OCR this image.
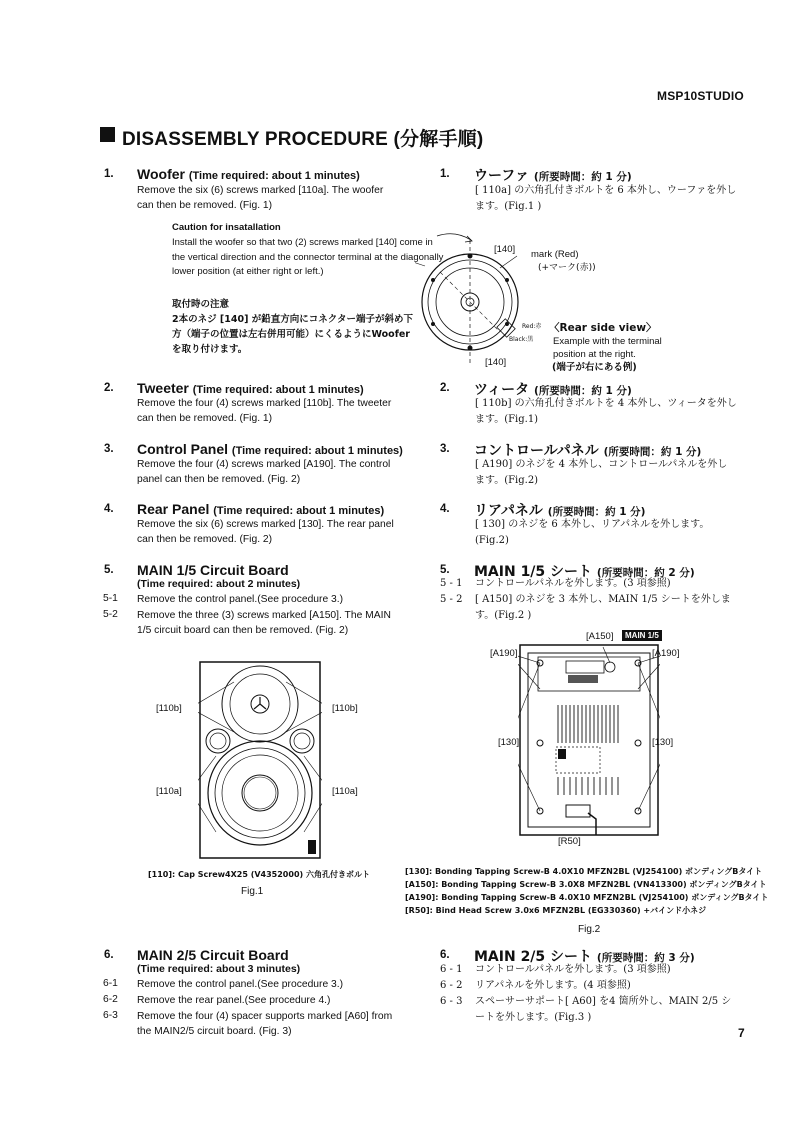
MSP10STUDIO
DISASSEMBLY PROCEDURE (分解手順)
1. Woofer (Time required: about 1 minutes)
Remove the six (6) screws marked [110a]. The woofer can then be removed. (Fig. 1)
Caution for insatallation
Install the woofer so that two (2) screws marked [140] come in the vertical direction and the connector terminal at the diagonally lower position (at either right or left.)
取付時の注意
2本のネジ [140] が鉛直方向にコネクター端子が斜め下方（端子の位置は左右併用可能）にくるようにWooferを取り付けます。
1. ウーファ (所要時間：約 1 分)
[ 110a] の六角孔付きボルトを 6 本外し、ウーファを外します。(Fig.1 )
[140] mark (Red)
(+マーク(赤))
Red:赤
Black:黒
[140]
〈Rear side view〉
Example with the terminal position at the right.
(端子が右にある例)
2. Tweeter (Time required: about 1 minutes)
Remove the four (4) screws marked [110b]. The tweeter can then be removed. (Fig. 1)
2. ツィータ (所要時間：約 1 分)
[ 110b] の六角孔付きボルトを 4 本外し、ツィータを外します。(Fig.1)
3. Control Panel (Time required: about 1 minutes)
Remove the four (4) screws marked [A190]. The control panel can then be removed. (Fig. 2)
3. コントロールパネル (所要時間：約 1 分)
[ A190] のネジを 4 本外し、コントロールパネルを外します。(Fig.2)
4. Rear Panel (Time required: about 1 minutes)
Remove the six (6) screws marked [130]. The rear panel can then be removed. (Fig. 2)
4. リアパネル (所要時間：約 1 分)
[ 130] のネジを 6 本外し、リアパネルを外します。(Fig.2)
5. MAIN 1/5 Circuit Board
(Time required: about 2 minutes)
5-1 Remove the control panel.(See procedure 3.)
5-2 Remove the three (3) screws marked [A150]. The MAIN 1/5 circuit board can then be removed. (Fig. 2)
5. MAIN 1/5 シート (所要時間：約 2 分)
5 - 1 コントロールパネルを外します。(3 項参照)
5 - 2 [ A150] のネジを 3 本外し、MAIN 1/5 シートを外します。(Fig.2 )
[110b]	[110b]
[110a]	[110a]
[110]: Cap Screw4X25 (V4352000) 六角孔付きボルト
Fig.1
[A150]	MAIN 1/5
[A190]	[A190]
[130]	[130]
[R50]
[130]: Bonding Tapping Screw-B 4.0X10 MFZN2BL (VJ254100) ボンディングBタイト
[A150]: Bonding Tapping Screw-B 3.0X8 MFZN2BL (VN413300) ボンディングBタイト
[A190]: Bonding Tapping Screw-B 4.0X10 MFZN2BL (VJ254100) ボンディングBタイト
[R50]: Bind Head Screw 3.0x6 MFZN2BL (EG330360) +バインド小ネジ
Fig.2
6. MAIN 2/5 Circuit Board
(Time required: about 3 minutes)
6-1 Remove the control panel.(See procedure 3.)
6-2 Remove the rear panel.(See procedure 4.)
6-3 Remove the four (4) spacer supports marked [A60] from the MAIN2/5 circuit board. (Fig. 3)
6. MAIN 2/5 シート (所要時間：約 3 分)
6 - 1 コントロールパネルを外します。(3 項参照)
6 - 2 リアパネルを外します。(4 項参照)
6 - 3 スペーサーサポート[ A60] を4 箇所外し、MAIN 2/5 シートを外します。(Fig.3 )
7
